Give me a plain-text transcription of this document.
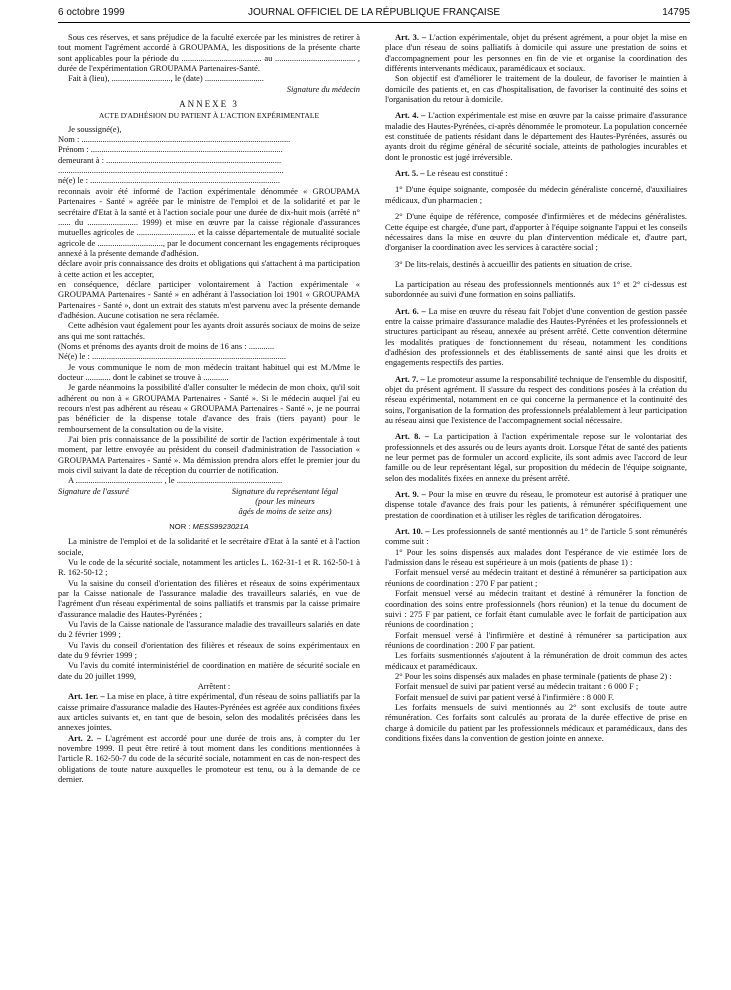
6 octobre 1999	JOURNAL OFFICIEL DE LA RÉPUBLIQUE FRANÇAISE	14795

Sous ces réserves, et sans préjudice de la faculté exercée par les ministres de retirer à tout moment l'agrément accordé à GROUPAMA, les dispositions de la présente charte sont applicables pour la période du ...................................... au ...................................... , durée de l'expérimentation GROUPAMA Partenaires-Santé.

Fait à (lieu), ............................, le (date) ............................

Signature du médecin

ANNEXE 3
ACTE D'ADHÉSION DU PATIENT À L'ACTION EXPÉRIMENTALE

Je soussigné(e),

Nom : ...................................................................................................

Prénom : ...........................................................................................

demeurant à : ...................................................................................

...........................................................................................................

né(e) le : ..........................................................................................

reconnais avoir été informé de l'action expérimentale dénommée « GROUPAMA Partenaires - Santé » agréée par le ministre de l'emploi et de la solidarité et par le secrétaire d'Etat à la santé et à l'action sociale pour une durée de dix-huit mois (arrêté n° ...... du ........................ 1999) et mise en œuvre par la caisse régionale d'assurances mutuelles agricoles de ............................ et la caisse départementale de mutualité sociale agricole de ..............................., par le document concernant les engagements réciproques annexé à la présente demande d'adhésion.

déclare avoir pris connaissance des droits et obligations qui s'attachent à ma participation à cette action et les accepter,

en conséquence, déclare participer volontairement à l'action expérimentale « GROUPAMA Partenaires - Santé » en adhérant à l'association loi 1901 « GROUPAMA Partenaires - Santé », dont un extrait des statuts m'est parvenu avec la présente demande d'adhésion. Aucune cotisation ne sera réclamée.

Cette adhésion vaut également pour les ayants droit assurés sociaux de moins de seize ans qui me sont rattachés.

(Noms et prénoms des ayants droit de moins de 16 ans : ............

Né(e) le : ............................................................................................

Je vous communique le nom de mon médecin traitant habituel qui est M./Mme le docteur ............ dont le cabinet se trouve à ............

Je garde néanmoins la possibilité d'aller consulter le médecin de mon choix, qu'il soit adhérent ou non à « GROUPAMA Partenaires - Santé ». Si le médecin auquel j'ai eu recours n'est pas adhérent au réseau « GROUPAMA Partenaires - Santé », je ne pourrai pas bénéficier de la dispense totale d'avance des frais (tiers payant) pour le remboursement de la consultation ou de la visite.

J'ai bien pris connaissance de la possibilité de sortir de l'action expérimentale à tout moment, par lettre envoyée au président du conseil d'administration de l'association « GROUPAMA Partenaires - Santé ». Ma démission prendra alors effet le premier jour du mois civil suivant la date de réception du courrier de notification.

A ......................................... , le ..................................................

Signature de l'assuré	Signature du représentant légal
(pour les mineurs
âgés de moins de seize ans)
NOR : MESS9923021A

La ministre de l'emploi et de la solidarité et le secrétaire d'Etat à la santé et à l'action sociale,

Vu le code de la sécurité sociale, notamment les articles L. 162-31-1 et R. 162-50-1 à R. 162-50-12 ;

Vu la saisine du conseil d'orientation des filières et réseaux de soins expérimentaux par la Caisse nationale de l'assurance maladie des travailleurs salariés, en vue de l'agrément d'un réseau expérimental de soins palliatifs et transmis par la caisse primaire d'assurance maladie des Hautes-Pyrénées ;

Vu l'avis de la Caisse nationale de l'assurance maladie des travailleurs salariés en date du 2 février 1999 ;

Vu l'avis du conseil d'orientation des filières et réseaux de soins expérimentaux en date du 9 février 1999 ;

Vu l'avis du comité interministériel de coordination en matière de sécurité sociale en date du 20 juillet 1999,

Arrêtent :

Art. 1er. – La mise en place, à titre expérimental, d'un réseau de soins palliatifs par la caisse primaire d'assurance maladie des Hautes-Pyrénées est agréée aux conditions fixées aux articles suivants et, en tant que de besoin, selon des modalités précisées dans les annexes jointes.

Art. 2. – L'agrément est accordé pour une durée de trois ans, à compter du 1er novembre 1999. Il peut être retiré à tout moment dans les conditions mentionnées à l'article R. 162-50-7 du code de la sécurité sociale, notamment en cas de non-respect des obligations de toute nature auxquelles le promoteur est tenu, ou à la demande de ce dernier.

Art. 3. – L'action expérimentale, objet du présent agrément, a pour objet la mise en place d'un réseau de soins palliatifs à domicile qui assure une prestation de soins et d'accompagnement pour les personnes en fin de vie et organise la coordination des différents intervenants médicaux, paramédicaux et sociaux.

Son objectif est d'améliorer le traitement de la douleur, de favoriser le maintien à domicile des patients et, en cas d'hospitalisation, de favoriser la continuité des soins et l'organisation du retour à domicile.

Art. 4. – L'action expérimentale est mise en œuvre par la caisse primaire d'assurance maladie des Hautes-Pyrénées, ci-après dénommée le promoteur. La population concernée est constituée de patients résidant dans le département des Hautes-Pyrénées, assurés ou ayants droit du régime général de sécurité sociale, atteints de pathologies incurables et dont le pronostic est jugé irréversible.

Art. 5. – Le réseau est constitué :

1° D'une équipe soignante, composée du médecin généraliste concerné, d'auxiliaires médicaux, d'un pharmacien ;

2° D'une équipe de référence, composée d'infirmières et de médecins généralistes. Cette équipe est chargée, d'une part, d'apporter à l'équipe soignante l'appui et les conseils nécessaires dans la mise en œuvre du plan d'intervention médicale et, d'autre part, d'organiser la coordination avec les services à caractère social ;

3° De lits-relais, destinés à accueillir des patients en situation de crise.

La participation au réseau des professionnels mentionnés aux 1° et 2° ci-dessus est subordonnée au suivi d'une formation en soins palliatifs.

Art. 6. – La mise en œuvre du réseau fait l'objet d'une convention de gestion passée entre la caisse primaire d'assurance maladie des Hautes-Pyrénées et les professionnels et structures participant au réseau, annexée au présent arrêté. Cette convention détermine les modalités pratiques de fonctionnement du réseau, notamment les conditions d'adhésion des professionnels et des établissements de santé ainsi que les droits et engagements respectifs des parties.

Art. 7. – Le promoteur assume la responsabilité technique de l'ensemble du dispositif, objet du présent agrément. Il s'assure du respect des conditions posées à la création du réseau expérimental, notamment en ce qui concerne la permanence et la continuité des soins, l'organisation de la formation des professionnels préalablement à leur participation au réseau ainsi que l'existence de l'accompagnement social nécessaire.

Art. 8. – La participation à l'action expérimentale repose sur le volontariat des professionnels et des assurés ou de leurs ayants droit. Lorsque l'état de santé des patients ne leur permet pas de formuler un accord explicite, ils sont admis avec l'accord de leur famille ou de leur représentant légal, sur proposition du médecin de l'équipe soignante, selon des modalités fixées en annexe du présent arrêté.

Art. 9. – Pour la mise en œuvre du réseau, le promoteur est autorisé à pratiquer une dispense totale d'avance des frais pour les patients, à rémunérer spécifiquement une prestation de coordination et à utiliser les règles de tarification dérogatoires.

Art. 10. – Les professionnels de santé mentionnés au 1° de l'article 5 sont rémunérés comme suit :

1° Pour les soins dispensés aux malades dont l'espérance de vie estimée lors de l'admission dans le réseau est supérieure à un mois (patients de phase 1) :

Forfait mensuel versé au médecin traitant et destiné à rémunérer sa participation aux réunions de coordination : 270 F par patient ;

Forfait mensuel versé au médecin traitant et destiné à rémunérer la fonction de coordination des soins entre professionnels (hors réunion) et la tenue du document de suivi : 275 F par patient, ce forfait étant cumulable avec le forfait de participation aux réunions de coordination ;

Forfait mensuel versé à l'infirmière et destiné à rémunérer sa participation aux réunions de coordination : 200 F par patient.

Les forfaits susmentionnés s'ajoutent à la rémunération de droit commun des actes médicaux et paramédicaux.

2° Pour les soins dispensés aux malades en phase terminale (patients de phase 2) :

Forfait mensuel de suivi par patient versé au médecin traitant : 6 000 F ;

Forfait mensuel de suivi par patient versé à l'infirmière : 8 000 F.

Les forfaits mensuels de suivi mentionnés au 2° sont exclusifs de toute autre rémunération. Ces forfaits sont calculés au prorata de la durée effective de prise en charge à domicile du patient par les professionnels médicaux et paramédicaux, dans des conditions fixées dans la convention de gestion jointe en annexe.
